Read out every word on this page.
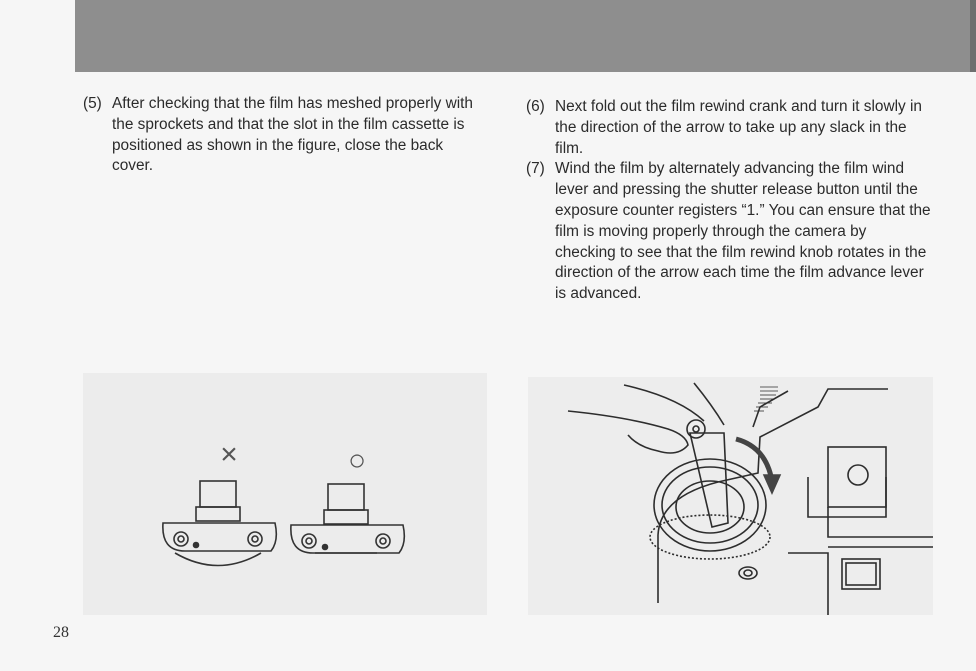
(5) After checking that the film has meshed properly with the sprockets and that the slot in the film cassette is positioned as shown in the figure, close the back cover.

(6) Next fold out the film rewind crank and turn it slowly in the direction of the arrow to take up any slack in the film.

(7) Wind the film by alternately advancing the film wind lever and pressing the shutter release button until the exposure counter registers “1.” You can ensure that the film is moving properly through the camera by checking to see that the film rewind knob rotates in the direction of the arrow each time the film advance lever is advanced.

×	○
28
